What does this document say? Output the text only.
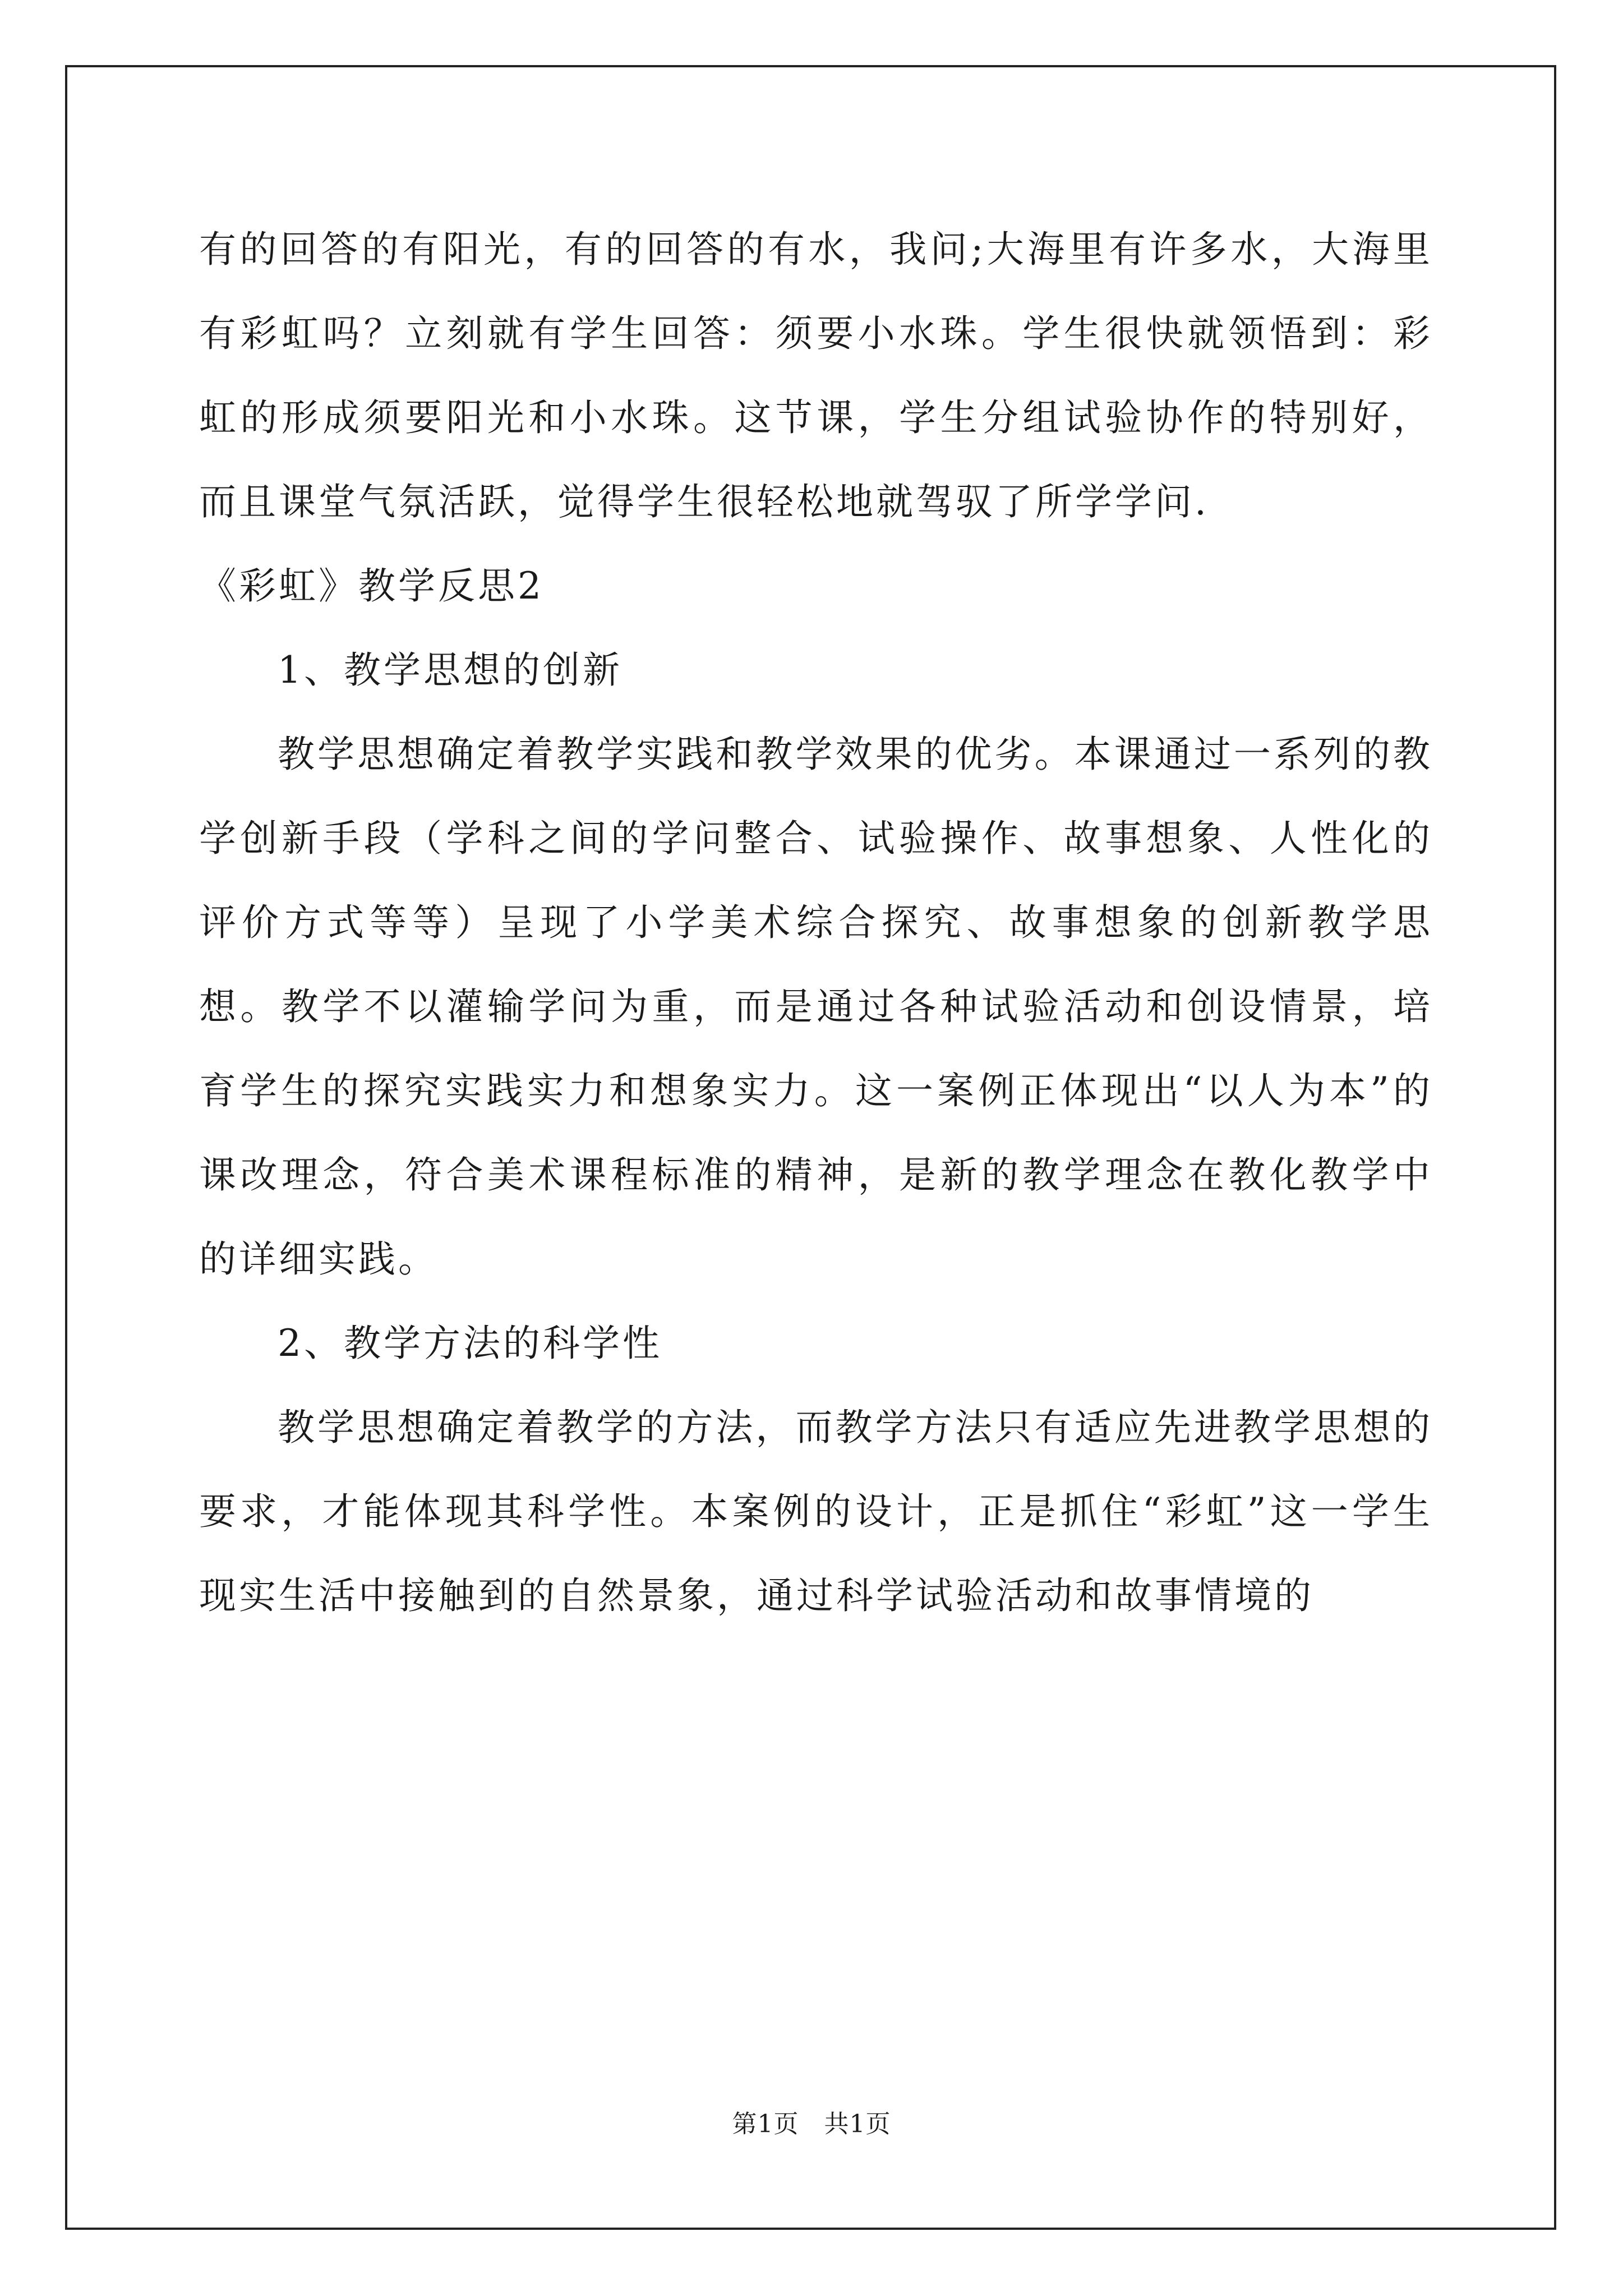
有的回答的有阳光，有的回答的有水，我问;大海里有许多水，大海里有彩虹吗？立刻就有学生回答：须要小水珠。学生很快就领悟到：彩虹的形成须要阳光和小水珠。这节课，学生分组试验协作的特别好，而且课堂气氛活跃，觉得学生很轻松地就驾驭了所学学问.

《彩虹》教学反思2

1、教学思想的创新

教学思想确定着教学实践和教学效果的优劣。本课通过一系列的教学创新手段（学科之间的学问整合、试验操作、故事想象、人性化的评价方式等等）呈现了小学美术综合探究、故事想象的创新教学思想。教学不以灌输学问为重，而是通过各种试验活动和创设情景，培育学生的探究实践实力和想象实力。这一案例正体现出“以人为本”的课改理念，符合美术课程标准的精神，是新的教学理念在教化教学中的详细实践。

2、教学方法的科学性

教学思想确定着教学的方法，而教学方法只有适应先进教学思想的要求，才能体现其科学性。本案例的设计，正是抓住“彩虹”这一学生现实生活中接触到的自然景象，通过科学试验活动和故事情境的

第1页　共1页
